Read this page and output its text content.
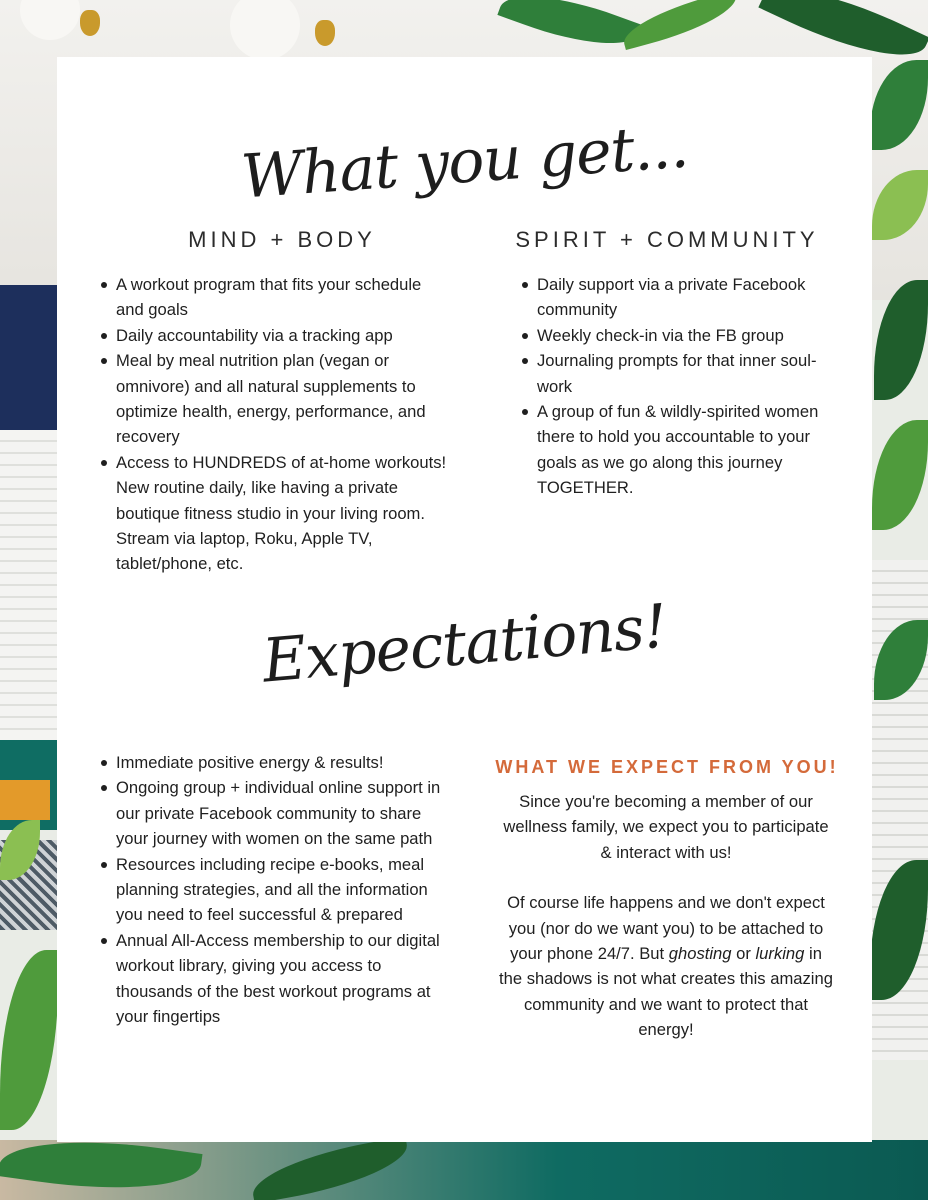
What you get...
MIND + BODY	SPIRIT + COMMUNITY
A workout program that fits your schedule and goals
Daily accountability via a tracking app
Meal by meal nutrition plan (vegan or omnivore) and all natural supplements to optimize health, energy, performance, and recovery
Access to HUNDREDS of at-home workouts! New routine daily, like having a private boutique fitness studio in your living room. Stream via laptop, Roku, Apple TV, tablet/phone, etc.
Daily support via a private Facebook community
Weekly check-in via the FB group
Journaling prompts for that inner soul-work
A group of fun & wildly-spirited women there to hold you accountable to your goals as we go along this journey TOGETHER.
Expectations!
Immediate positive energy & results!
Ongoing group + individual online support in our private Facebook community to share your journey with women on the same path
Resources including recipe e-books, meal planning strategies, and all the information you need to feel successful & prepared
Annual All-Access membership to our digital workout library, giving you access to thousands of the best workout programs at your fingertips
WHAT WE EXPECT FROM YOU!

Since you're becoming a member of our wellness family, we expect you to participate & interact with us!

Of course life happens and we don't expect you (nor do we want you) to be attached to your phone 24/7. But ghosting or lurking in the shadows is not what creates this amazing community and we want to protect that energy!
